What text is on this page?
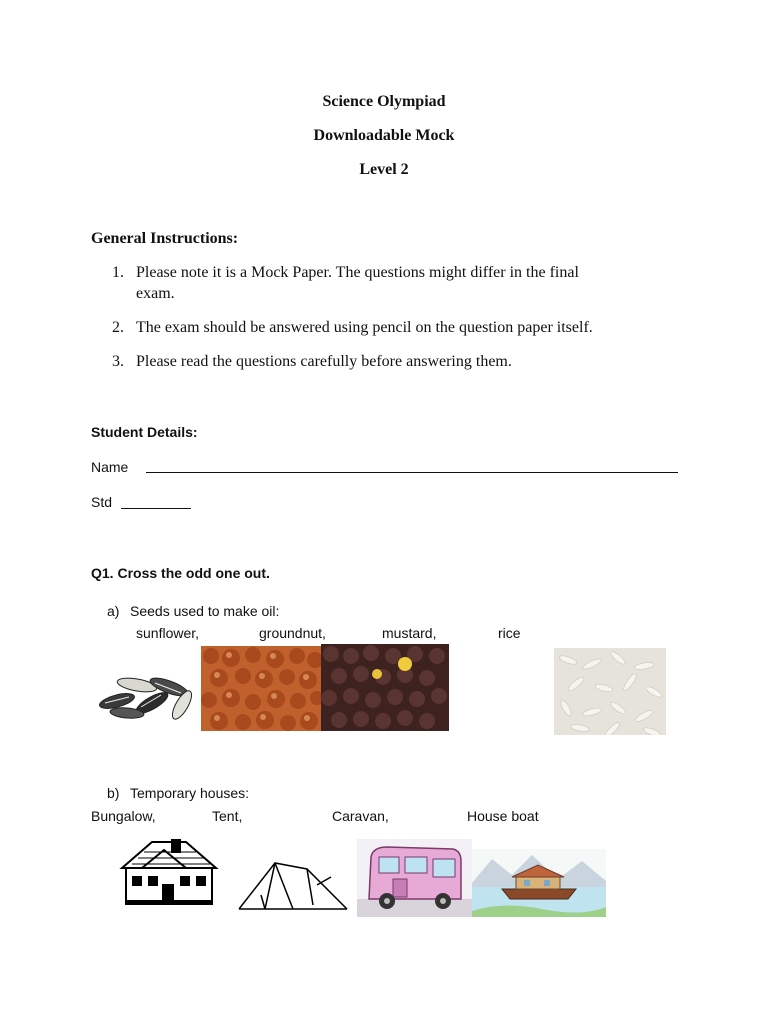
Science Olympiad
Downloadable Mock
Level 2
General Instructions:
1. Please note it is a Mock Paper. The questions might differ in the final
exam.
2. The exam should be answered using pencil on the question paper itself.
3. Please read the questions carefully before answering them.
Student Details:
Name
Std
Q1. Cross the odd one out.
a) Seeds used to make oil:
sunflower,	groundnut,	mustard,	rice
b) Temporary houses:
Bungalow,	Tent,	Caravan,	House boat
